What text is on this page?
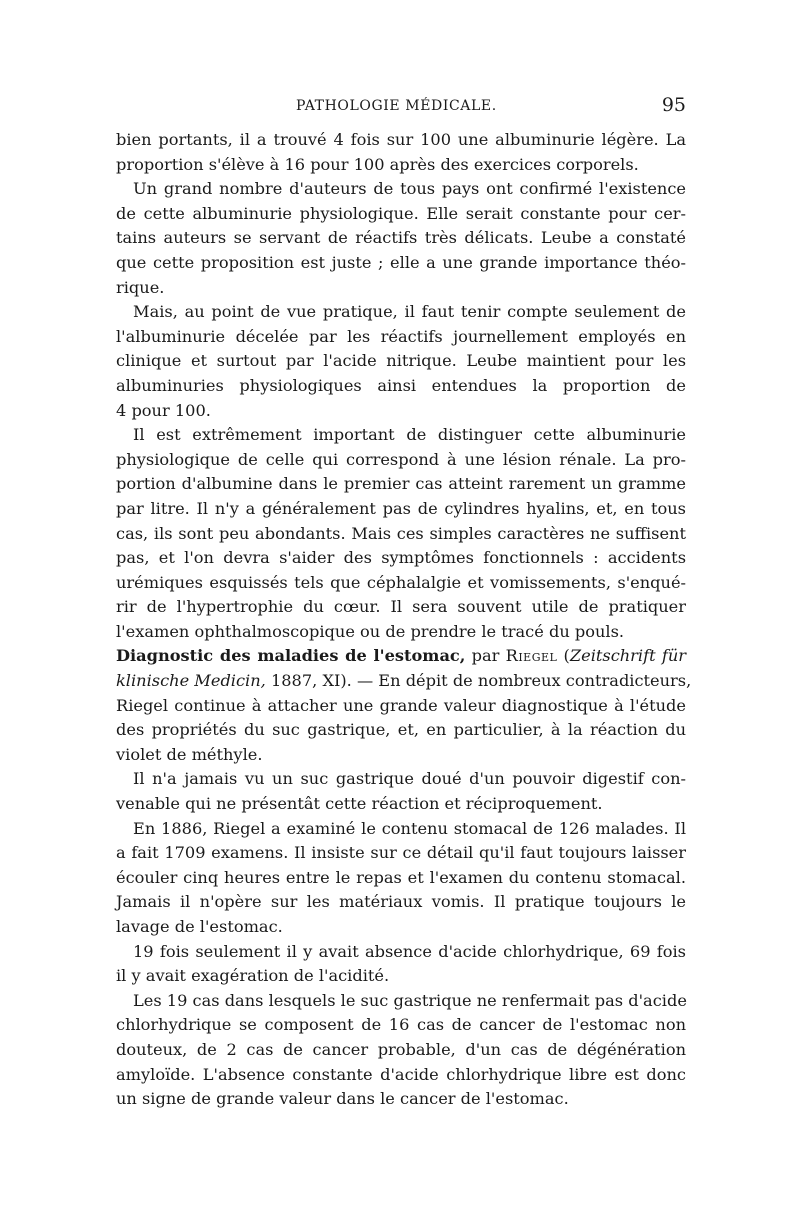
PATHOLOGIE MÉDICALE.	95
bien portants, il a trouvé 4 fois sur 100 une albuminurie légère. La
proportion s'élève à 16 pour 100 après des exercices corporels.
Un grand nombre d'auteurs de tous pays ont confirmé l'existence
de cette albuminurie physiologique. Elle serait constante pour cer-
tains auteurs se servant de réactifs très délicats. Leube a constaté
que cette proposition est juste ; elle a une grande importance théo-
rique.
Mais, au point de vue pratique, il faut tenir compte seulement de
l'albuminurie décelée par les réactifs journellement employés en
clinique et surtout par l'acide nitrique. Leube maintient pour les
albuminuries physiologiques ainsi entendues la proportion de
4 pour 100.
Il est extrêmement important de distinguer cette albuminurie
physiologique de celle qui correspond à une lésion rénale. La pro-
portion d'albumine dans le premier cas atteint rarement un gramme
par litre. Il n'y a généralement pas de cylindres hyalins, et, en tous
cas, ils sont peu abondants. Mais ces simples caractères ne suffisent
pas, et l'on devra s'aider des symptômes fonctionnels : accidents
urémiques esquissés tels que céphalalgie et vomissements, s'enqué-
rir de l'hypertrophie du cœur. Il sera souvent utile de pratiquer
l'examen ophthalmoscopique ou de prendre le tracé du pouls.
Diagnostic des maladies de l'estomac, par Riegel (Zeitschrift für
klinische Medicin, 1887, XI). — En dépit de nombreux contradicteurs,
Riegel continue à attacher une grande valeur diagnostique à l'étude
des propriétés du suc gastrique, et, en particulier, à la réaction du
violet de méthyle.
Il n'a jamais vu un suc gastrique doué d'un pouvoir digestif con-
venable qui ne présentât cette réaction et réciproquement.
En 1886, Riegel a examiné le contenu stomacal de 126 malades. Il
a fait 1709 examens. Il insiste sur ce détail qu'il faut toujours laisser
écouler cinq heures entre le repas et l'examen du contenu stomacal.
Jamais il n'opère sur les matériaux vomis. Il pratique toujours le
lavage de l'estomac.
19 fois seulement il y avait absence d'acide chlorhydrique, 69 fois
il y avait exagération de l'acidité.
Les 19 cas dans lesquels le suc gastrique ne renfermait pas d'acide
chlorhydrique se composent de 16 cas de cancer de l'estomac non
douteux, de 2 cas de cancer probable, d'un cas de dégénération
amyloïde. L'absence constante d'acide chlorhydrique libre est donc
un signe de grande valeur dans le cancer de l'estomac.
